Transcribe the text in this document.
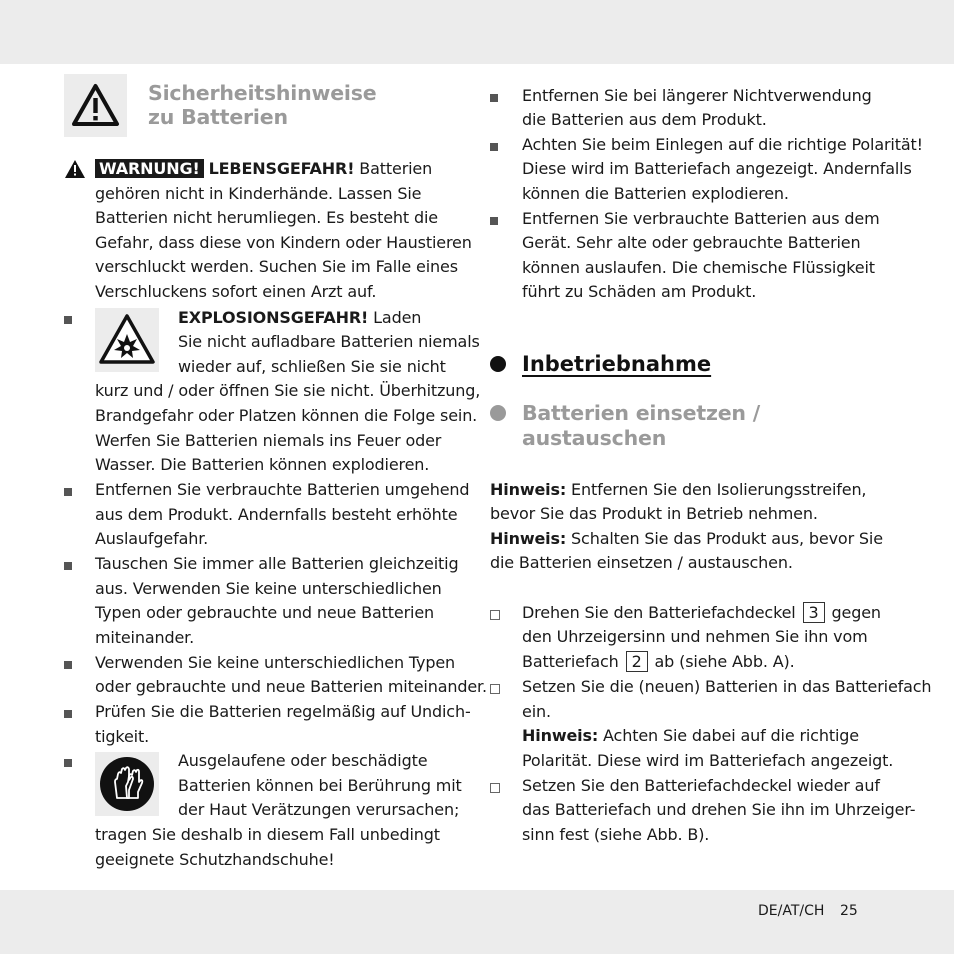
Sicherheitshinweise
zu Batterien
WARNUNG! LEBENSGEFAHR! Batterien
gehören nicht in Kinderhände. Lassen Sie
Batterien nicht herumliegen. Es besteht die
Gefahr, dass diese von Kindern oder Haustieren
verschluckt werden. Suchen Sie im Falle eines
Verschluckens sofort einen Arzt auf.
EXPLOSIONSGEFAHR! Laden
Sie nicht aufladbare Batterien niemals
wieder auf, schließen Sie sie nicht
kurz und / oder öffnen Sie sie nicht. Überhitzung,
Brandgefahr oder Platzen können die Folge sein.
Werfen Sie Batterien niemals ins Feuer oder
Wasser. Die Batterien können explodieren.
Entfernen Sie verbrauchte Batterien umgehend
aus dem Produkt. Andernfalls besteht erhöhte
Auslaufgefahr.
Tauschen Sie immer alle Batterien gleichzeitig
aus. Verwenden Sie keine unterschiedlichen
Typen oder gebrauchte und neue Batterien
miteinander.
Verwenden Sie keine unterschiedlichen Typen
oder gebrauchte und neue Batterien miteinander.
Prüfen Sie die Batterien regelmäßig auf Undich-
tigkeit.
Ausgelaufene oder beschädigte
Batterien können bei Berührung mit
der Haut Verätzungen verursachen;
tragen Sie deshalb in diesem Fall unbedingt
geeignete Schutzhandschuhe!
Entfernen Sie bei längerer Nichtverwendung
die Batterien aus dem Produkt.
Achten Sie beim Einlegen auf die richtige Polarität!
Diese wird im Batteriefach angezeigt. Andernfalls
können die Batterien explodieren.
Entfernen Sie verbrauchte Batterien aus dem
Gerät. Sehr alte oder gebrauchte Batterien
können auslaufen. Die chemische Flüssigkeit
führt zu Schäden am Produkt.
Inbetriebnahme
Batterien einsetzen /
austauschen
Hinweis: Entfernen Sie den Isolierungsstreifen,
bevor Sie das Produkt in Betrieb nehmen.
Hinweis: Schalten Sie das Produkt aus, bevor Sie
die Batterien einsetzen / austauschen.
Drehen Sie den Batteriefachdeckel 3 gegen
den Uhrzeigersinn und nehmen Sie ihn vom
Batteriefach 2 ab (siehe Abb. A).
Setzen Sie die (neuen) Batterien in das Batteriefach
ein.
Hinweis: Achten Sie dabei auf die richtige
Polarität. Diese wird im Batteriefach angezeigt.
Setzen Sie den Batteriefachdeckel wieder auf
das Batteriefach und drehen Sie ihn im Uhrzeiger-
sinn fest (siehe Abb. B).
DE/AT/CH 25
